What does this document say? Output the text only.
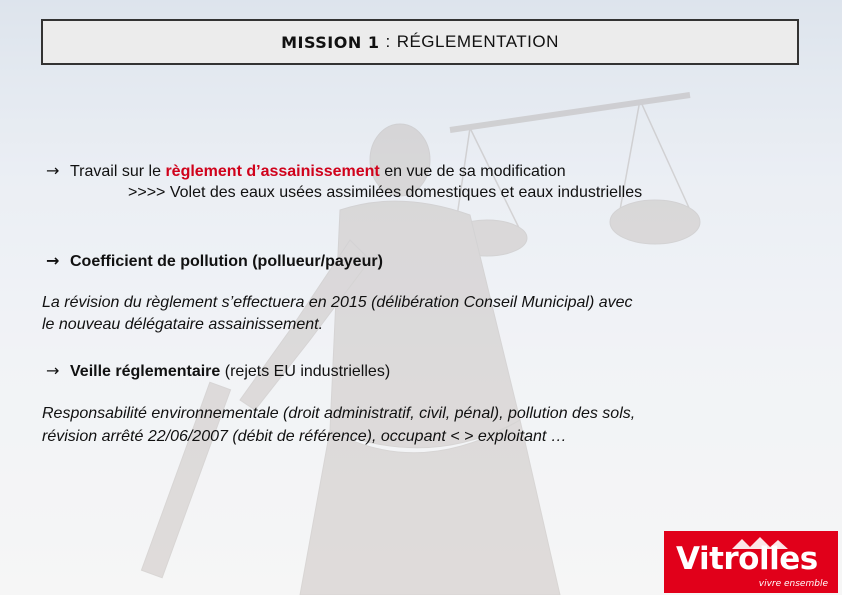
MISSION 1 : RÉGLEMENTATION
→ Travail sur le règlement d’assainissement en vue de sa modification
>>>> Volet des eaux usées assimilées domestiques et eaux industrielles
→ Coefficient de pollution (pollueur/payeur)
La révision du règlement s’effectuera en 2015 (délibération Conseil Municipal) avec
le nouveau délégataire assainissement.
→ Veille réglementaire (rejets EU industrielles)
Responsabilité environnementale (droit administratif, civil, pénal), pollution des sols,
révision arrêté 22/06/2007 (débit de référence), occupant < > exploitant …
Vitrolles
vivre ensemble
